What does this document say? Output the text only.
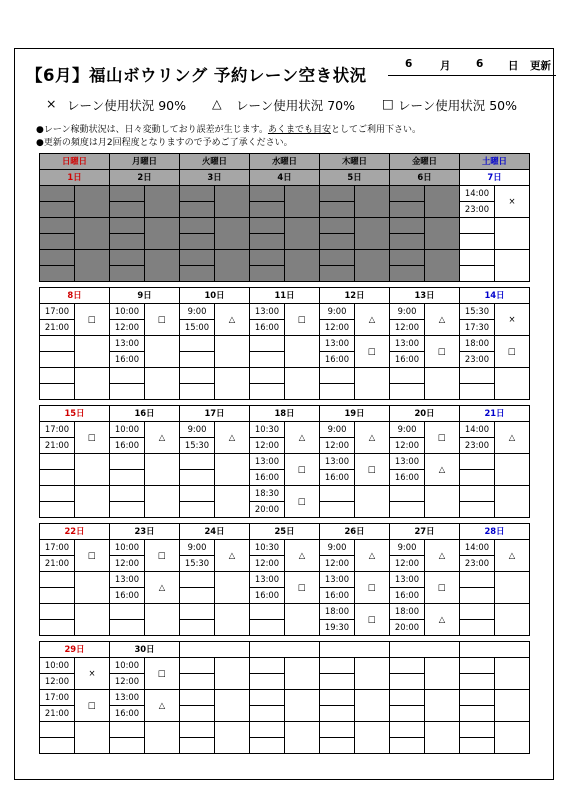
【6月】福山ボウリング 予約レーン空き状況
6	月 6 日 更新
× レーン使用状況 90% △ レーン使用状況 70% □ レーン使用状況 50%
●レーン稼動状況は、日々変動しており誤差が生じます。あくまでも目安としてご利用下さい。
●更新の頻度は月2回程度となりますので予めご了承ください。
日曜日		月曜日		火曜日		水曜日		木曜日		金曜日		土曜日	
1日		2日		3日		4日		5日		6日		7日	
												14:00	×
												23:00	

8日		9日		10日		11日		12日		13日		14日	
17:00	□	10:00	□	9:00	△	13:00	□	9:00	△	9:00	△	15:30	×
21:00		12:00		15:00		16:00		12:00		12:00		17:30	
		13:00						13:00	□	13:00	□	18:00	□
		16:00						16:00		16:00		23:00	

15日		16日		17日		18日		19日		20日		21日	
17:00	□	10:00	△	9:00	△	10:30	△	9:00	△	9:00	□	14:00	△
21:00		16:00		15:30		12:00		12:00		12:00		23:00	
						13:00	□	13:00	□	13:00	△		
						16:00		16:00		16:00			
						18:30	□						
						20:00							

22日		23日		24日		25日		26日		27日		28日	
17:00	□	10:00	□	9:00	△	10:30	△	9:00	△	9:00	△	14:00	△
21:00		12:00		15:30		12:00		12:00		12:00		23:00	
		13:00	△			13:00	□	13:00	□	13:00	□		
		16:00				16:00		16:00		16:00			
								18:00	□	18:00	△		
								19:30		20:00			

29日		30日											
10:00	×	10:00	□										
12:00		12:00											
17:00	□	13:00	△										
21:00		16:00											
